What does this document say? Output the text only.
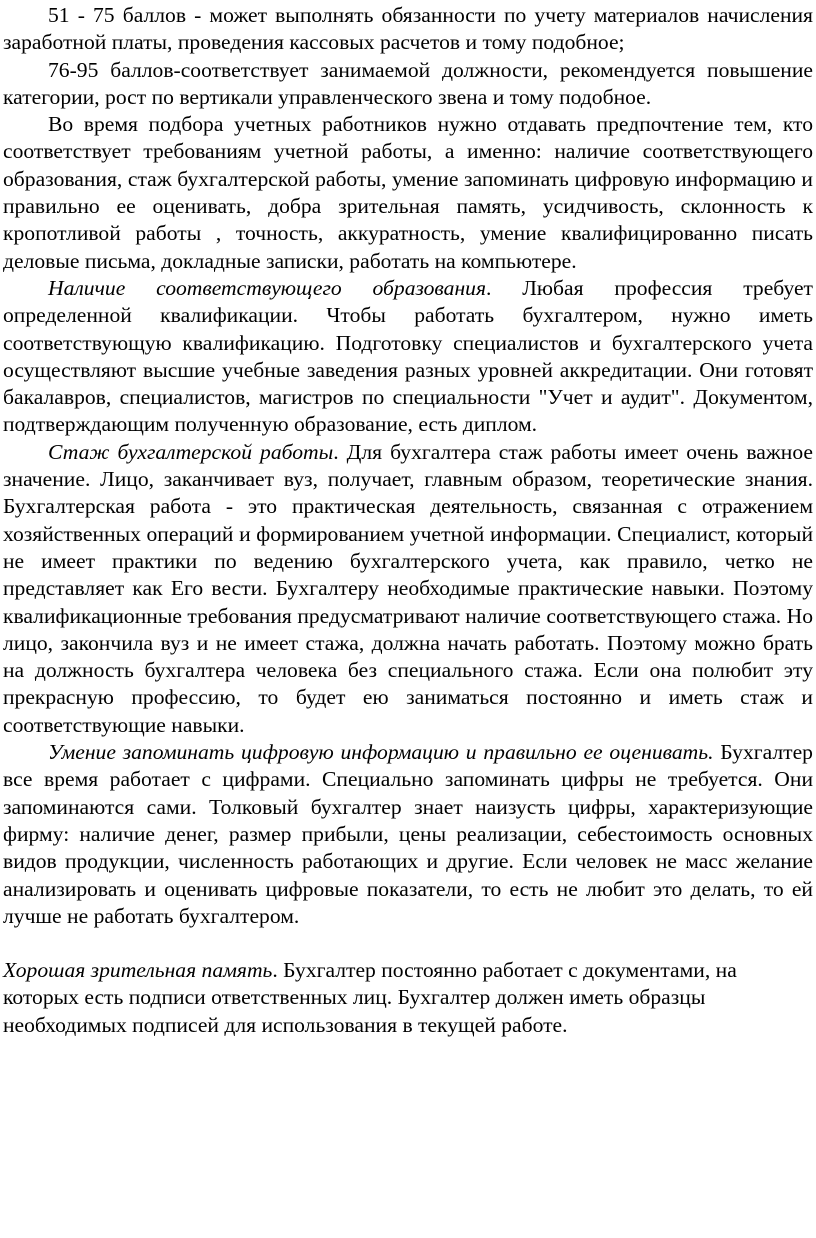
51 - 75 баллов - может выполнять обязанности по учету материалов начисления заработной платы, проведения кассовых расчетов и тому подобное;

76-95 баллов-соответствует занимаемой должности, рекомендуется повышение категории, рост по вертикали управленческого звена и тому подобное.

Во время подбора учетных работников нужно отдавать предпочтение тем, кто соответствует требованиям учетной работы, а именно: наличие соответствующего образования, стаж бухгалтерской работы, умение запоминать цифровую информацию и правильно ее оценивать, добра зрительная память, усидчивость, склонность к кропотливой работы , точность, аккуратность, умение квалифицированно писать деловые письма, докладные записки, работать на компьютере.

Наличие соответствующего образования. Любая профессия требует определенной квалификации. Чтобы работать бухгалтером, нужно иметь соответствующую квалификацию. Подготовку специалистов и бухгалтерского учета осуществляют высшие учебные заведения разных уровней аккредитации. Они готовят бакалавров, специалистов, магистров по специальности "Учет и аудит". Документом, подтверждающим полученную образование, есть диплом.

Стаж бухгалтерской работы. Для бухгалтера стаж работы имеет очень важное значение. Лицо, заканчивает вуз, получает, главным образом, теоретические знания. Бухгалтерская работа - это практическая деятельность, связанная с отражением хозяйственных операций и формированием учетной информации. Специалист, который не имеет практики по ведению бухгалтерского учета, как правило, четко не представляет как Его вести. Бухгалтеру необходимые практические навыки. Поэтому квалификационные требования предусматривают наличие соответствующего стажа. Но лицо, закончила вуз и не имеет стажа, должна начать работать. Поэтому можно брать на должность бухгалтера человека без специального стажа. Если она полюбит эту прекрасную профессию, то будет ею заниматься постоянно и иметь стаж и соответствующие навыки.

Умение запоминать цифровую информацию и правильно ее оценивать. Бухгалтер все время работает с цифрами. Специально запоминать цифры не требуется. Они запоминаются сами. Толковый бухгалтер знает наизусть цифры, характеризующие фирму: наличие денег, размер прибыли, цены реализации, себестоимость основных видов продукции, численность работающих и другие. Если человек не масс желание анализировать и оценивать цифровые показатели, то есть не любит это делать, то ей лучше не работать бухгалтером.

Хорошая зрительная память. Бухгалтер постоянно работает с документами, на которых есть подписи ответственных лиц. Бухгалтер должен иметь образцы необходимых подписей для использования в текущей работе.
